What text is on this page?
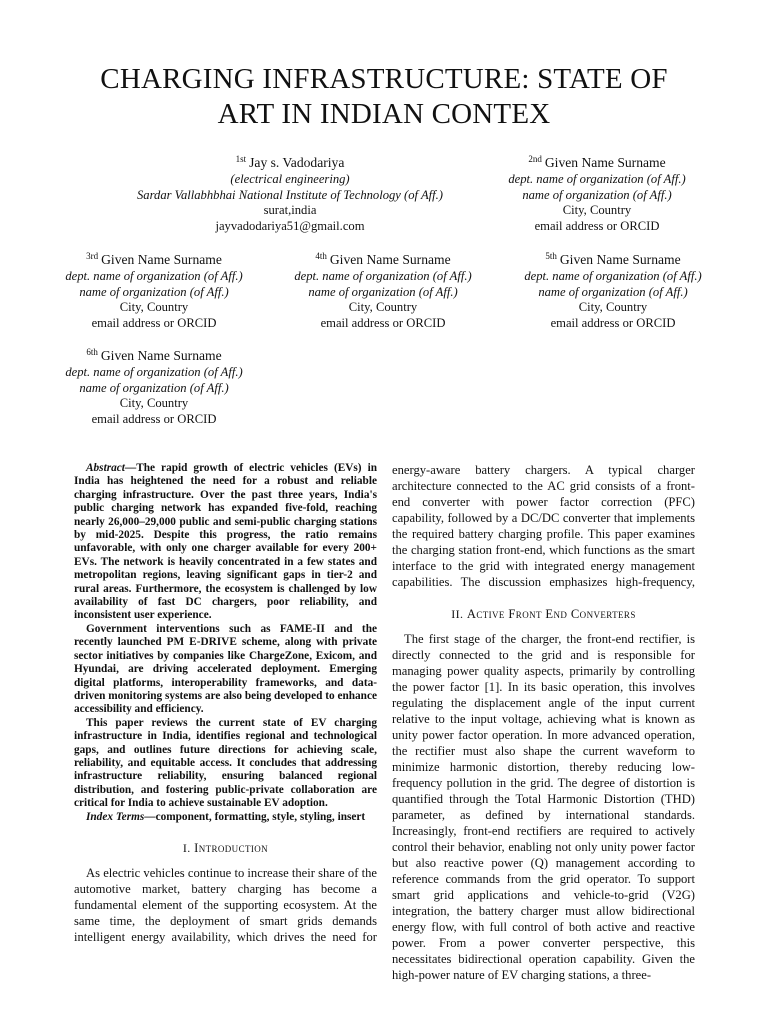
CHARGING INFRASTRUCTURE: STATE OF
ART IN INDIAN CONTEX
$^{1st}$ Jay s. Vadodariya
(electrical engineering)
Sardar Vallabhbhai National Institute of Technology (of Aff.)
surat,india
jayvadodariya51@gmail.com
$^{2nd}$ Given Name Surname
dept. name of organization (of Aff.)
name of organization (of Aff.)
City, Country
email address or ORCID
$^{3rd}$ Given Name Surname
dept. name of organization (of Aff.)
name of organization (of Aff.)
City, Country
email address or ORCID
$^{4th}$ Given Name Surname
dept. name of organization (of Aff.)
name of organization (of Aff.)
City, Country
email address or ORCID
$^{5th}$ Given Name Surname
dept. name of organization (of Aff.)
name of organization (of Aff.)
City, Country
email address or ORCID
$^{6th}$ Given Name Surname
dept. name of organization (of Aff.)
name of organization (of Aff.)
City, Country
email address or ORCID

Abstract—The rapid growth of electric vehicles (EVs) in India has heightened the need for a robust and reliable charging infrastructure. Over the past three years, India's public charging network has expanded five-fold, reaching nearly 26,000–29,000 public and semi-public charging stations by mid-2025. Despite this progress, the ratio remains unfavorable, with only one charger available for every 200+ EVs. The network is heavily concentrated in a few states and metropolitan regions, leaving significant gaps in tier-2 and rural areas. Furthermore, the ecosystem is challenged by low availability of fast DC chargers, poor reliability, and inconsistent user experience.

Government interventions such as FAME-II and the recently launched PM E-DRIVE scheme, along with private sector initiatives by companies like ChargeZone, Exicom, and Hyundai, are driving accelerated deployment. Emerging digital platforms, interoperability frameworks, and data-driven monitoring systems are also being developed to enhance accessibility and efficiency.

This paper reviews the current state of EV charging infrastructure in India, identifies regional and technological gaps, and outlines future directions for achieving scale, reliability, and equitable access. It concludes that addressing infrastructure reliability, ensuring balanced regional distribution, and fostering public-private collaboration are critical for India to achieve sustainable EV adoption.

Index Terms—component, formatting, style, styling, insert

I. Introduction

As electric vehicles continue to increase their share of the automotive market, battery charging has become a fundamental element of the supporting ecosystem. At the same time, the deployment of smart grids demands intelligent energy availability, which drives the need for

energy-aware battery chargers. A typical charger architecture connected to the AC grid consists of a front-end converter with power factor correction (PFC) capability, followed by a DC/DC converter that implements the required battery charging profile. This paper examines the charging station front-end, which functions as the smart interface to the grid with integrated energy management capabilities. The discussion emphasizes high-frequency,

II. Active Front End Converters

The first stage of the charger, the front-end rectifier, is directly connected to the grid and is responsible for managing power quality aspects, primarily by controlling the power factor [1]. In its basic operation, this involves regulating the displacement angle of the input current relative to the input voltage, achieving what is known as unity power factor operation. In more advanced operation, the rectifier must also shape the current waveform to minimize harmonic distortion, thereby reducing low-frequency pollution in the grid. The degree of distortion is quantified through the Total Harmonic Distortion (THD) parameter, as defined by international standards. Increasingly, front-end rectifiers are required to actively control their behavior, enabling not only unity power factor but also reactive power (Q) management according to reference commands from the grid operator. To support smart grid applications and vehicle-to-grid (V2G) integration, the battery charger must allow bidirectional energy flow, with full control of both active and reactive power. From a power converter perspective, this necessitates bidirectional operation capability. Given the high-power nature of EV charging stations, a three-
